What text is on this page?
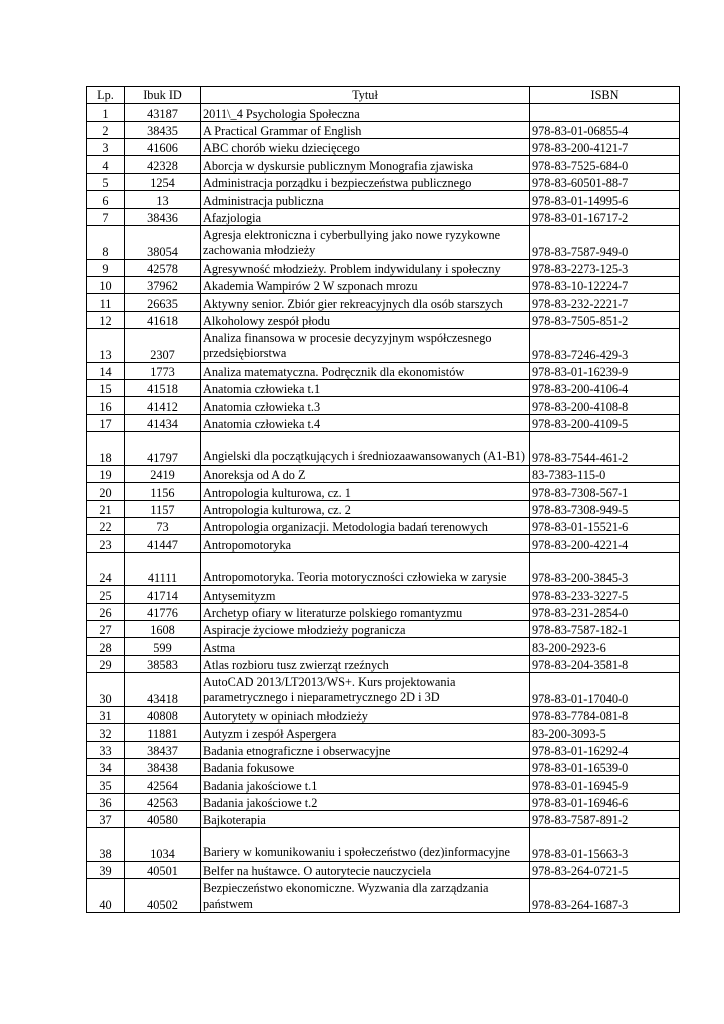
Lp.	Ibuk ID	Tytuł	ISBN
1	43187	2011\_4 Psychologia Społeczna	
2	38435	A Practical Grammar of English	978-83-01-06855-4
3	41606	ABC chorób wieku dziecięcego	978-83-200-4121-7
4	42328	Aborcja w dyskursie publicznym Monografia zjawiska	978-83-7525-684-0
5	1254	Administracja porządku i bezpieczeństwa publicznego	978-83-60501-88-7
6	13	Administracja publiczna	978-83-01-14995-6
7	38436	Afazjologia	978-83-01-16717-2
8	38054	Agresja elektroniczna i cyberbullying jako nowe ryzykowne zachowania młodzieży	978-83-7587-949-0
9	42578	Agresywność młodzieży. Problem indywidulany i społeczny	978-83-2273-125-3
10	37962	Akademia Wampirów 2 W szponach mrozu	978-83-10-12224-7
11	26635	Aktywny senior. Zbiór gier rekreacyjnych dla osób starszych	978-83-232-2221-7
12	41618	Alkoholowy zespół płodu	978-83-7505-851-2
13	2307	Analiza finansowa w procesie decyzyjnym współczesnego przedsiębiorstwa	978-83-7246-429-3
14	1773	Analiza matematyczna. Podręcznik dla ekonomistów	978-83-01-16239-9
15	41518	Anatomia człowieka t.1	978-83-200-4106-4
16	41412	Anatomia człowieka t.3	978-83-200-4108-8
17	41434	Anatomia człowieka t.4	978-83-200-4109-5
18	41797	Angielski dla początkujących i średniozaawansowanych (A1-B1)	978-83-7544-461-2
19	2419	Anoreksja od A do Z	83-7383-115-0
20	1156	Antropologia kulturowa, cz. 1	978-83-7308-567-1
21	1157	Antropologia kulturowa, cz. 2	978-83-7308-949-5
22	73	Antropologia organizacji. Metodologia badań terenowych	978-83-01-15521-6
23	41447	Antropomotoryka	978-83-200-4221-4
24	41111	Antropomotoryka. Teoria motoryczności człowieka w zarysie	978-83-200-3845-3
25	41714	Antysemityzm	978-83-233-3227-5
26	41776	Archetyp ofiary w literaturze polskiego romantyzmu	978-83-231-2854-0
27	1608	Aspiracje życiowe młodzieży pogranicza	978-83-7587-182-1
28	599	Astma	83-200-2923-6
29	38583	Atlas rozbioru tusz zwierząt rzeźnych	978-83-204-3581-8
30	43418	AutoCAD 2013/LT2013/WS+. Kurs projektowania parametrycznego i nieparametrycznego 2D i 3D	978-83-01-17040-0
31	40808	Autorytety w opiniach młodzieży	978-83-7784-081-8
32	11881	Autyzm i zespół Aspergera	83-200-3093-5
33	38437	Badania etnograficzne i obserwacyjne	978-83-01-16292-4
34	38438	Badania fokusowe	978-83-01-16539-0
35	42564	Badania jakościowe t.1	978-83-01-16945-9
36	42563	Badania jakościowe t.2	978-83-01-16946-6
37	40580	Bajkoterapia	978-83-7587-891-2
38	1034	Bariery w komunikowaniu i społeczeństwo (dez)informacyjne	978-83-01-15663-3
39	40501	Belfer na huśtawce. O autorytecie nauczyciela	978-83-264-0721-5
40	40502	Bezpieczeństwo ekonomiczne. Wyzwania dla zarządzania państwem	978-83-264-1687-3
